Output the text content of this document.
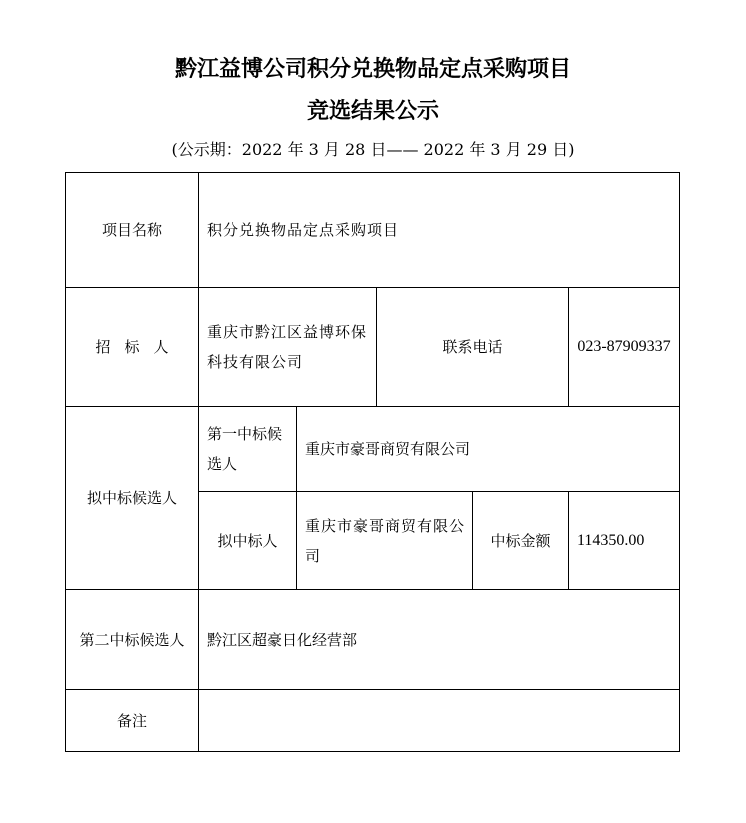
黔江益博公司积分兑换物品定点采购项目
竞选结果公示
(公示期：2022 年 3 月 28 日—— 2022 年 3 月 29 日)
项目名称	积分兑换物品定点采购项目				
招标人	重庆市黔江区益博环保科技有限公司		联系电话		023-87909337
拟中标候选人	第一中标候选人	重庆市豪哥商贸有限公司			
	拟中标人	重庆市豪哥商贸有限公司		中标金额	114350.00
第二中标候选人	黔江区超豪日化经营部				
备注					
